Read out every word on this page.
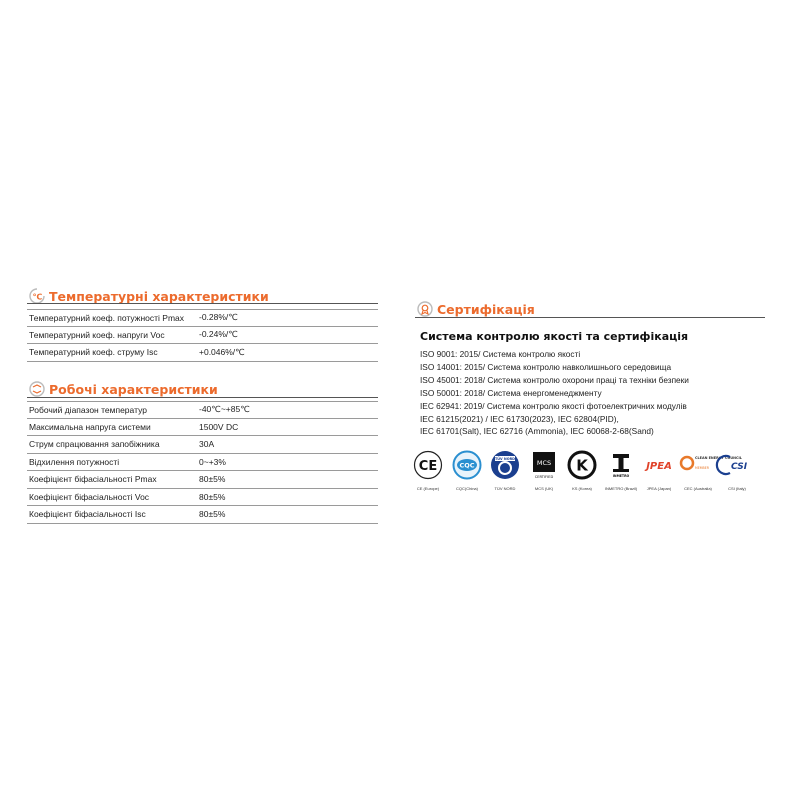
℃ Температурні характеристики
Температурний коеф. потужності Pmax	-0.28%/℃
Температурний коеф. напруги Voc	-0.24%/℃
Температурний коеф. струму Isc	+0.046%/℃
Робочі характеристики
Робочий діапазон температур	-40℃~+85℃
Максимальна напруга системи	1500V DC
Струм спрацювання запобіжника	30A
Відхилення потужності	0~+3%
Коефіцієнт біфасіальності Pmax	80±5%
Коефіцієнт біфасіальності Voc	80±5%
Коефіцієнт біфасіальності Isc	80±5%
Сертифікація
Система контролю якості та сертифікація
ISO 9001: 2015/ Система контролю якості
ISO 14001: 2015/ Система контролю навколишнього середовища
ISO 45001: 2018/ Система контролю охорони праці та техніки безпеки
ISO 50001: 2018/ Система енергоменеджменту
IEC 62941: 2019/ Система контролю якості фотоелектричних модулів
IEC 61215(2021) / IEC 61730(2023), IEC 62804(PID),
IEC 61701(Salt), IEC 62716 (Ammonia), IEC 60068-2-68(Sand)
CE
CE (Europe)
CQC
CQC(China)
TÜV NORD
TÜV NORD
MCS
CERTIFIED
MCS (UK)
K
KS (Korea)
INMETRO
INMETRO (Brazil)
JPEA
JPEA (Japan)
CLEAN ENERGY COUNCIL
MEMBER
CEC (Australia)
CSI
CSI (Italy)
